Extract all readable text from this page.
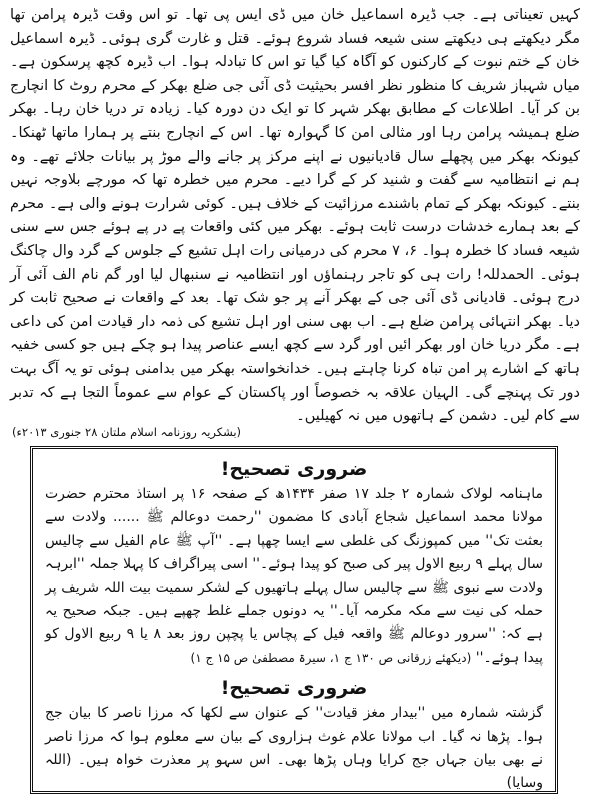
کہیں تعیناتی ہے۔ جب ڈیرہ اسماعیل خان میں ڈی ایس پی تھا۔ تو اس وقت ڈیرہ پرامن تھا مگر دیکھتے ہی دیکھتے سنی شیعہ فساد شروع ہوئے۔ قتل و غارت گری ہوئی۔ ڈیرہ اسماعیل خان کے ختم نبوت کے کارکنوں کو آگاہ کیا گیا تو اس کا تبادلہ ہوا۔ اب ڈیرہ کچھ پرسکون ہے۔ میاں شہباز شریف کا منظور نظر افسر بحیثیت ڈی آئی جی ضلع بھکر کے محرم روٹ کا انچارج بن کر آیا۔ اطلاعات کے مطابق بھکر شہر کا تو ایک دن دورہ کیا۔ زیادہ تر دریا خان رہا۔ بھکر ضلع ہمیشہ پرامن رہا اور مثالی امن کا گہوارہ تھا۔ اس کے انچارج بنتے پر ہمارا ماتھا ٹھنکا۔ کیونکہ بھکر میں پچھلے سال قادیانیوں نے اپنے مرکز پر جانے والے موڑ پر بیانات جلائے تھے۔ وہ ہم نے انتظامیہ سے گفت و شنید کر کے گرا دیے۔ محرم میں خطرہ تھا کہ مورچے بلاوجہ نہیں بنتے۔ کیونکہ بھکر کے تمام باشندے مرزائیت کے خلاف ہیں۔ کوئی شرارت ہونے والی ہے۔ محرم کے بعد ہمارے خدشات درست ثابت ہوئے۔ بھکر میں کئی واقعات پے در پے ہوئے جس سے سنی شیعہ فساد کا خطرہ ہوا۔ ۶، ۷ محرم کی درمیانی رات اہل تشیع کے جلوس کے گرد وال چاکنگ ہوئی۔ الحمدللہ! رات ہی کو تاجر رہنماؤں اور انتظامیہ نے سنبھال لیا اور گم نام الف آئی آر درج ہوئی۔ قادیانی ڈی آئی جی کے بھکر آنے پر جو شک تھا۔ بعد کے واقعات نے صحیح ثابت کر دیا۔ بھکر انتہائی پرامن ضلع ہے۔ اب بھی سنی اور اہل تشیع کی ذمہ دار قیادت امن کی داعی ہے۔ مگر دریا خان اور بھکر ائیں اور گرد سے کچھ ایسے عناصر پیدا ہو چکے ہیں جو کسی خفیہ ہاتھ کے اشارے پر امن تباہ کرنا چاہتے ہیں۔ خدانخواستہ بھکر میں بدامنی ہوئی تو یہ آگ بہت دور تک پہنچے گی۔ الہیان علاقہ بہ خصوصاً اور پاکستان کے عوام سے عموماً التجا ہے کہ تدبر سے کام لیں۔ دشمن کے ہاتھوں میں نہ کھیلیں۔

(بشکریہ روزنامہ اسلام ملتان ۲۸ جنوری ۲۰۱۳ء)

ضروری تصحیح!

ماہنامہ لولاک شمارہ ۲ جلد ۱۷ صفر ۱۴۳۴ھ کے صفحہ ۱۶ پر استاذ محترم حضرت مولانا محمد اسماعیل شجاع آبادی کا مضمون ''رحمت دوعالم ﷺ ...... ولادت سے بعثت تک'' میں کمپوزنگ کی غلطی سے ایسا چھپا ہے۔ ''آپ ﷺ عام الفیل سے چالیس سال پہلے ۹ ربیع الاول پیر کی صبح کو پیدا ہوئے۔'' اسی پیراگراف کا پہلا جملہ ''ابرہہ ولادت سے نبوی ﷺ سے چالیس سال پہلے ہاتھیوں کے لشکر سمیت بیت اللہ شریف پر حملہ کی نیت سے مکہ مکرمہ آیا۔'' یہ دونوں جملے غلط چھپے ہیں۔ جبکہ صحیح یہ ہے کہ: ''سرور دوعالم ﷺ واقعہ فیل کے پچاس یا پچپن روز بعد ۸ یا ۹ ربیع الاول کو پیدا ہوئے۔'' (دیکھئے زرقانی ص ۱۳۰ ج ۱، سیرۃ مصطفیٰ ص ۱۵ ج ۱)

ضروری تصحیح!

گزشتہ شمارہ میں ''بیدار مغز قیادت'' کے عنوان سے لکھا کہ مرزا ناصر کا بیان جج ہوا۔ پڑھا نہ گیا۔ اب مولانا علام غوث ہزاروی کے بیان سے معلوم ہوا کہ مرزا ناصر نے بھی بیان جہاں جج کرایا وہاں پڑھا بھی۔ اس سہو پر معذرت خواہ ہیں۔ (اللہ وسایا)
